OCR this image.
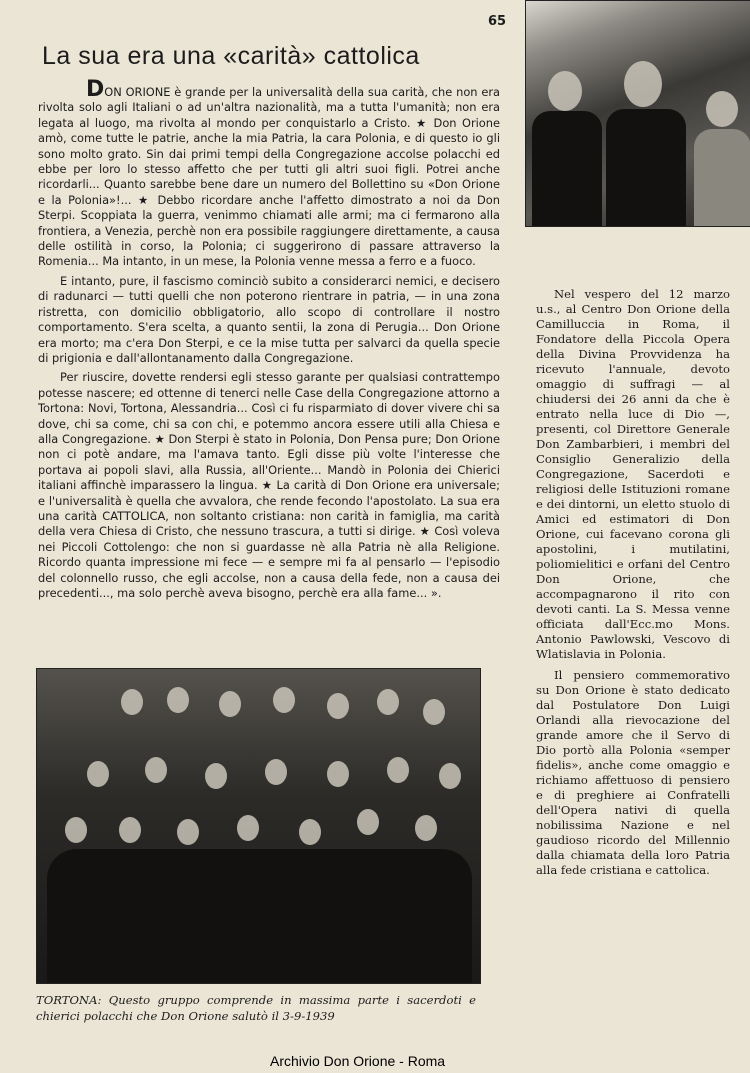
65
La sua era una «carità» cattolica

DON ORIONE è grande per la universalità della sua carità, che non era rivolta solo agli Italiani o ad un'altra nazionalità, ma a tutta l'umanità; non era legata al luogo, ma rivolta al mondo per conquistarlo a Cristo. ★ Don Orione amò, come tutte le patrie, anche la mia Patria, la cara Polonia, e di questo io gli sono molto grato. Sin dai primi tempi della Congregazione accolse polacchi ed ebbe per loro lo stesso affetto che per tutti gli altri suoi figli. Potrei anche ricordarli... Quanto sarebbe bene dare un numero del Bollettino su «Don Orione e la Polonia»!... ★ Debbo ricordare anche l'affetto dimostrato a noi da Don Sterpi. Scoppiata la guerra, venimmo chiamati alle armi; ma ci fermarono alla frontiera, a Venezia, perchè non era possibile raggiungere direttamente, a causa delle ostilità in corso, la Polonia; ci suggerirono di passare attraverso la Romenia... Ma intanto, in un mese, la Polonia venne messa a ferro e a fuoco.

E intanto, pure, il fascismo cominciò subito a considerarci nemici, e decisero di radunarci — tutti quelli che non poterono rientrare in patria, — in una zona ristretta, con domicilio obbligatorio, allo scopo di controllare il nostro comportamento. S'era scelta, a quanto sentii, la zona di Perugia... Don Orione era morto; ma c'era Don Sterpi, e ce la mise tutta per salvarci da quella specie di prigionia e dall'allontanamento dalla Congregazione.

Per riuscire, dovette rendersi egli stesso garante per qualsiasi contrattempo potesse nascere; ed ottenne di tenerci nelle Case della Congregazione attorno a Tortona: Novi, Tortona, Alessandria... Così ci fu risparmiato di dover vivere chi sa dove, chi sa come, chi sa con chi, e potemmo ancora essere utili alla Chiesa e alla Congregazione. ★ Don Sterpi è stato in Polonia, Don Pensa pure; Don Orione non ci potè andare, ma l'amava tanto. Egli disse più volte l'interesse che portava ai popoli slavi, alla Russia, all'Oriente... Mandò in Polonia dei Chierici italiani affinchè imparassero la lingua. ★ La carità di Don Orione era universale; e l'universalità è quella che avvalora, che rende fecondo l'apostolato. La sua era una carità CATTOLICA, non soltanto cristiana: non carità in famiglia, ma carità della vera Chiesa di Cristo, che nessuno trascura, a tutti si dirige. ★ Così voleva nei Piccoli Cottolengo: che non si guardasse nè alla Patria nè alla Religione. Ricordo quanta impressione mi fece — e sempre mi fa al pensarlo — l'episodio del colonnello russo, che egli accolse, non a causa della fede, non a causa dei precedenti..., ma solo perchè aveva bisogno, perchè era alla fame... ».

TORTONA: Questo gruppo comprende in massima parte i sacerdoti e chierici polacchi che Don Orione salutò il 3-9-1939

Nel vespero del 12 marzo u.s., al Centro Don Orione della Camilluccia in Roma, il Fondatore della Piccola Opera della Divina Provvidenza ha ricevuto l'annuale, devoto omaggio di suffragi — al chiudersi dei 26 anni da che è entrato nella luce di Dio —, presenti, col Direttore Generale Don Zambarbieri, i membri del Consiglio Generalizio della Congregazione, Sacerdoti e religiosi delle Istituzioni romane e dei dintorni, un eletto stuolo di Amici ed estimatori di Don Orione, cui facevano corona gli apostolini, i mutilatini, poliomielitici e orfani del Centro Don Orione, che accompagnarono il rito con devoti canti. La S. Messa venne officiata dall'Ecc.mo Mons. Antonio Pawlowski, Vescovo di Wlatislavia in Polonia.

Il pensiero commemorativo su Don Orione è stato dedicato dal Postulatore Don Luigi Orlandi alla rievocazione del grande amore che il Servo di Dio portò alla Polonia «semper fidelis», anche come omaggio e richiamo affettuoso di pensiero e di preghiere ai Confratelli dell'Opera nativi di quella nobilissima Nazione e nel gaudioso ricordo del Millennio dalla chiamata della loro Patria alla fede cristiana e cattolica.

Archivio Don Orione - Roma
